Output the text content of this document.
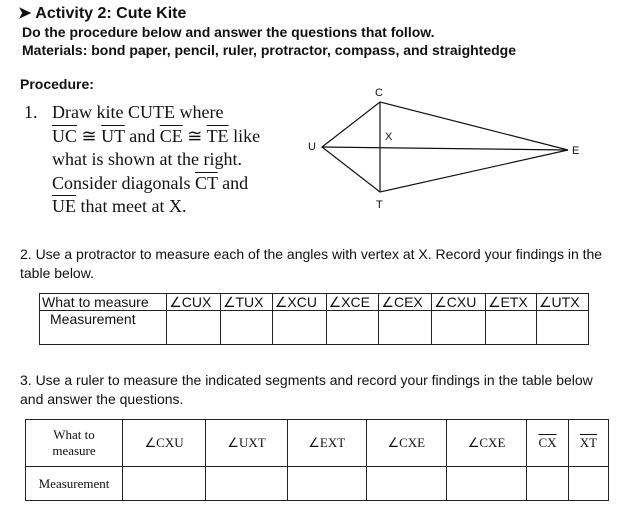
➤ Activity 2: Cute Kite
Do the procedure below and answer the questions that follow.
Materials: bond paper, pencil, ruler, protractor, compass, and straightedge
Procedure:
1. Draw kite CUTE where
$\overline{UC}$ ≅ $\overline{UT}$ and $\overline{CE}$ ≅ $\overline{TE}$ like
what is shown at the right.
Consider diagonals $\overline{CT}$ and
$\overline{UE}$ that meet at X.
C
U
X
E
T
2. Use a protractor to measure each of the angles with vertex at X. Record your findings in the table below.
What to measure	∠CUX	∠TUX	∠XCU	∠XCE	∠CEX	∠CXU	∠ETX	∠UTX
Measurement								
3. Use a ruler to measure the indicated segments and record your findings in the table below and answer the questions.
What to
measure	∠CXU	∠UXT	∠EXT	∠CXE	∠CXE	$\overline{CX}$	$\overline{XT}$
Measurement							
